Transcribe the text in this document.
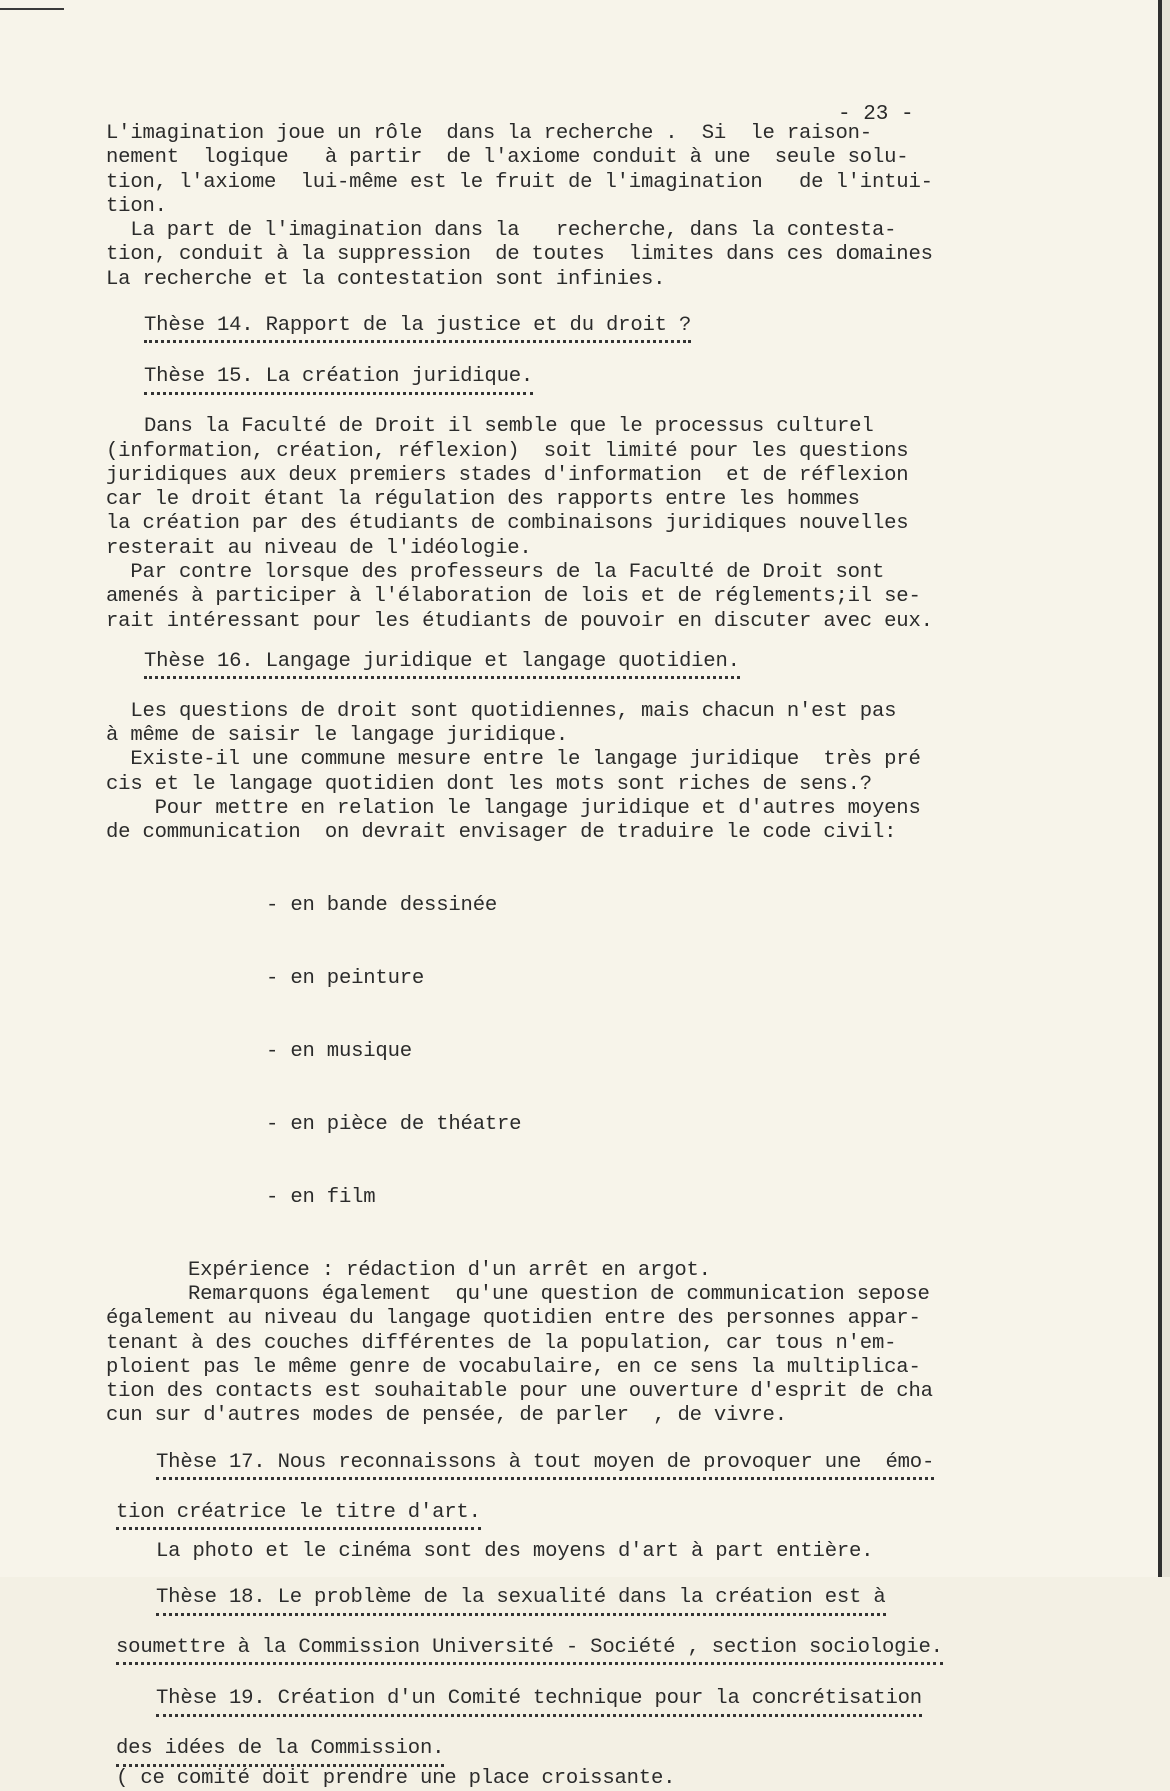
- 23 -

L'imagination joue un rôle  dans la recherche .  Si  le raison-

nement  logique   à partir  de l'axiome conduit à une  seule solu-

tion, l'axiome  lui-même est le fruit de l'imagination   de l'intui-

tion.

La part de l'imagination dans la   recherche, dans la contesta-

tion, conduit à la suppression  de toutes  limites dans ces domaines

La recherche et la contestation sont infinies.

Thèse 14. Rapport de la justice et du droit ?

Thèse 15. La création juridique.

Dans la Faculté de Droit il semble que le processus culturel

(information, création, réflexion)  soit limité pour les questions

juridiques aux deux premiers stades d'information  et de réflexion

car le droit étant la régulation des rapports entre les hommes

la création par des étudiants de combinaisons juridiques nouvelles

resterait au niveau de l'idéologie.

Par contre lorsque des professeurs de la Faculté de Droit sont

amenés à participer à l'élaboration de lois et de réglements;il se-

rait intéressant pour les étudiants de pouvoir en discuter avec eux.

Thèse 16. Langage juridique et langage quotidien.

Les questions de droit sont quotidiennes, mais chacun n'est pas

à même de saisir le langage juridique.

Existe-il une commune mesure entre le langage juridique  très pré

cis et le langage quotidien dont les mots sont riches de sens.?

Pour mettre en relation le langage juridique et d'autres moyens

de communication  on devrait envisager de traduire le code civil:

- en bande dessinée

- en peinture

- en musique

- en pièce de théatre

- en film

Expérience : rédaction d'un arrêt en argot.

Remarquons également  qu'une question de communication sepose

également au niveau du langage quotidien entre des personnes appar-

tenant à des couches différentes de la population, car tous n'em-

ploient pas le même genre de vocabulaire, en ce sens la multiplica-

tion des contacts est souhaitable pour une ouverture d'esprit de cha

cun sur d'autres modes de pensée, de parler  , de vivre.

Thèse 17. Nous reconnaissons à tout moyen de provoquer une  émo-

tion créatrice le titre d'art.

La photo et le cinéma sont des moyens d'art à part entière.

Thèse 18. Le problème de la sexualité dans la création est à

soumettre à la Commission Université - Société , section sociologie.

Thèse 19. Création d'un Comité technique pour la concrétisation

des idées de la Commission.

( ce comité doit prendre une place croissante.
